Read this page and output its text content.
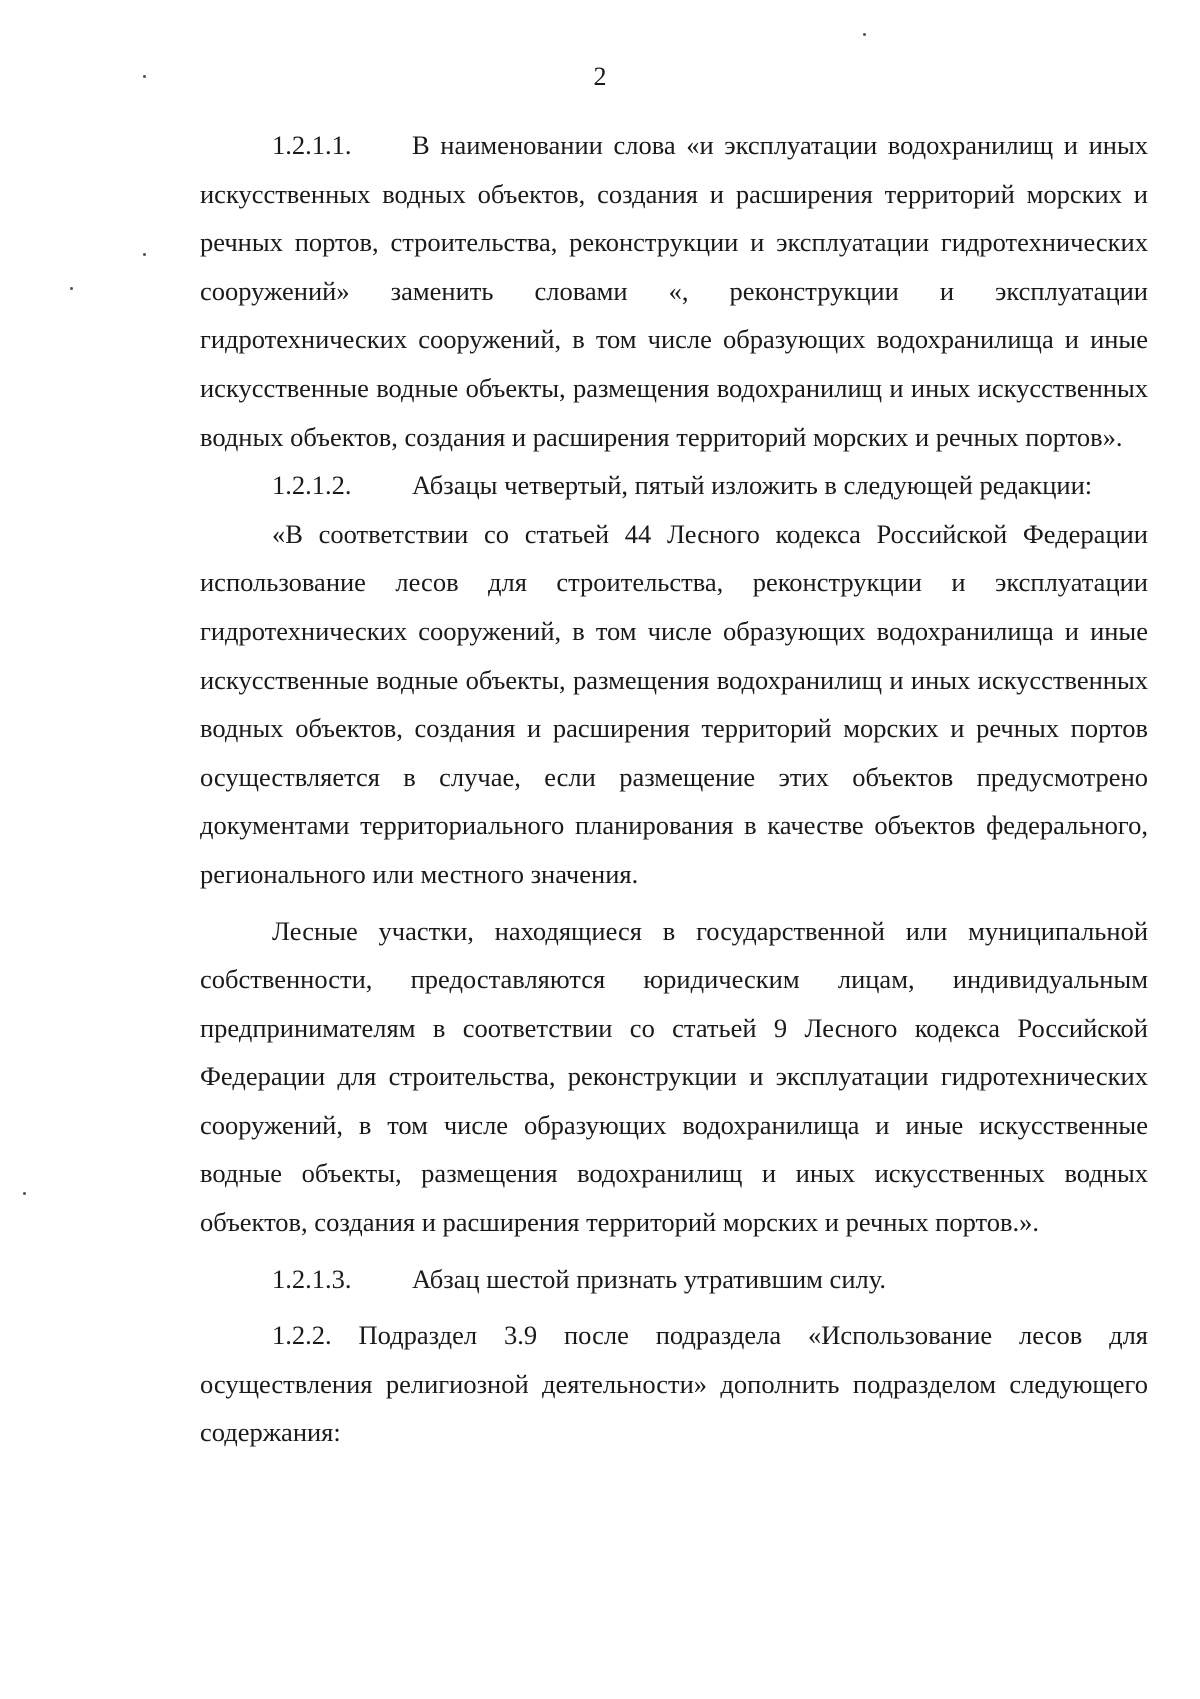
2

1.2.1.1. В наименовании слова «и эксплуатации водохранилищ и иных искусственных водных объектов, создания и расширения территорий морских и речных портов, строительства, реконструкции и эксплуатации гидротехнических сооружений» заменить словами «, реконструкции и эксплуатации гидротехнических сооружений, в том числе образующих водохранилища и иные искусственные водные объекты, размещения водохранилищ и иных искусственных водных объектов, создания и расширения территорий морских и речных портов».

1.2.1.2. Абзацы четвертый, пятый изложить в следующей редакции:

«В соответствии со статьей 44 Лесного кодекса Российской Федерации использование лесов для строительства, реконструкции и эксплуатации гидротехнических сооружений, в том числе образующих водохранилища и иные искусственные водные объекты, размещения водохранилищ и иных искусственных водных объектов, создания и расширения территорий морских и речных портов осуществляется в случае, если размещение этих объектов предусмотрено документами территориального планирования в качестве объектов федерального, регионального или местного значения.

Лесные участки, находящиеся в государственной или муниципальной собственности, предоставляются юридическим лицам, индивидуальным предпринимателям в соответствии со статьей 9 Лесного кодекса Российской Федерации для строительства, реконструкции и эксплуатации гидротехнических сооружений, в том числе образующих водохранилища и иные искусственные водные объекты, размещения водохранилищ и иных искусственных водных объектов, создания и расширения территорий морских и речных портов.».

1.2.1.3. Абзац шестой признать утратившим силу.

1.2.2. Подраздел 3.9 после подраздела «Использование лесов для осуществления религиозной деятельности» дополнить подразделом следующего содержания:
